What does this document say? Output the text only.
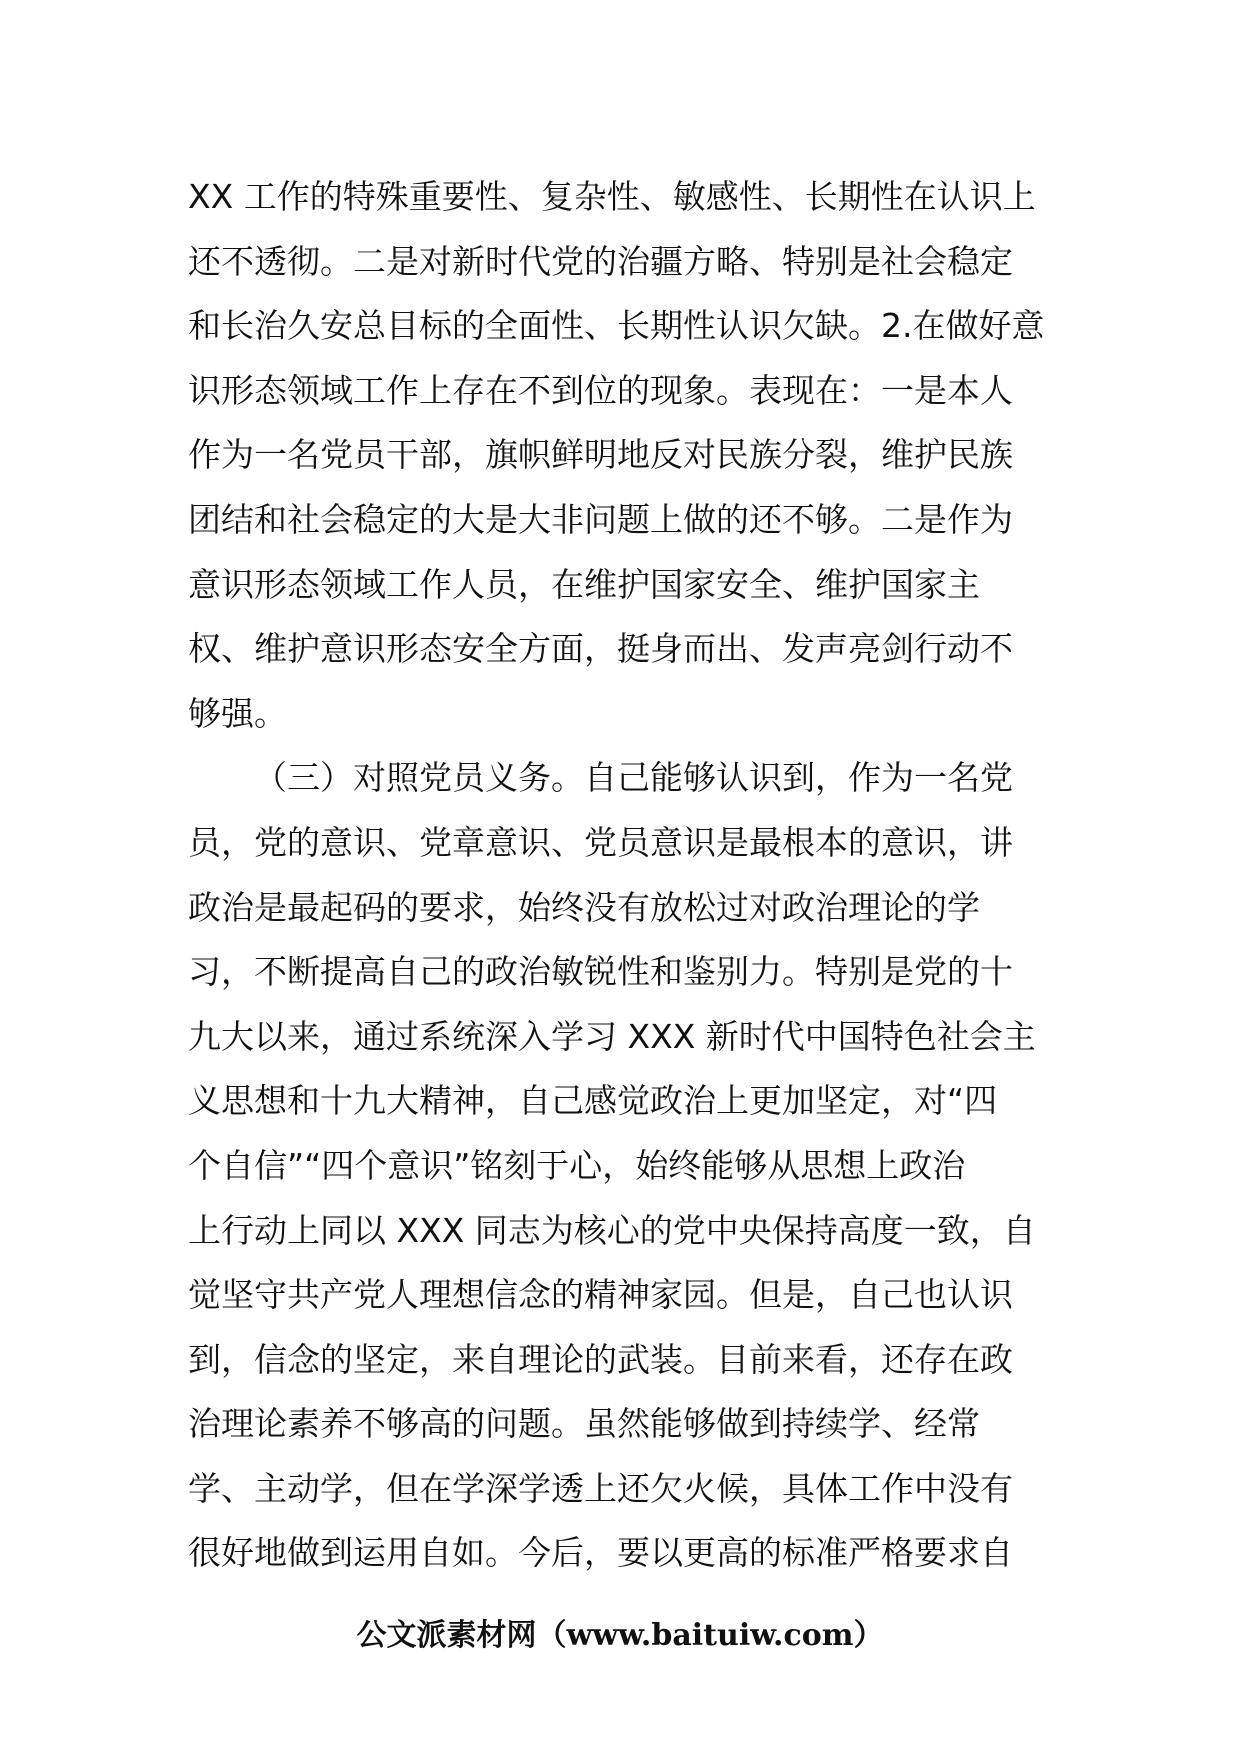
XX 工作的特殊重要性、复杂性、敏感性、长期性在认识上
还不透彻。二是对新时代党的治疆方略、特别是社会稳定
和长治久安总目标的全面性、长期性认识欠缺。2.在做好意
识形态领域工作上存在不到位的现象。表现在：一是本人
作为一名党员干部，旗帜鲜明地反对民族分裂，维护民族
团结和社会稳定的大是大非问题上做的还不够。二是作为
意识形态领域工作人员，在维护国家安全、维护国家主
权、维护意识形态安全方面，挺身而出、发声亮剑行动不
够强。
（三）对照党员义务。自己能够认识到，作为一名党
员，党的意识、党章意识、党员意识是最根本的意识，讲
政治是最起码的要求，始终没有放松过对政治理论的学
习，不断提高自己的政治敏锐性和鉴别力。特别是党的十
九大以来，通过系统深入学习 XXX 新时代中国特色社会主
义思想和十九大精神，自己感觉政治上更加坚定，对“四
个自信”“四个意识”铭刻于心，始终能够从思想上政治
上行动上同以 XXX 同志为核心的党中央保持高度一致，自
觉坚守共产党人理想信念的精神家园。但是，自己也认识
到，信念的坚定，来自理论的武装。目前来看，还存在政
治理论素养不够高的问题。虽然能够做到持续学、经常
学、主动学，但在学深学透上还欠火候，具体工作中没有
很好地做到运用自如。今后，要以更高的标准严格要求自
公文派素材网（www.baituiw.com）
